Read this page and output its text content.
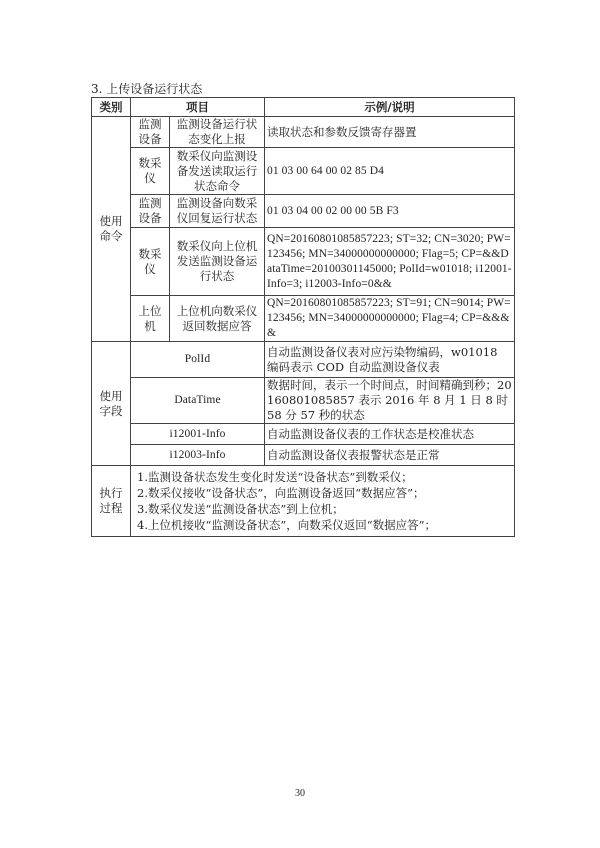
3. 上传设备运行状态
类别	项目		示例/说明
使用命令	监测设备	监测设备运行状态变化上报	读取状态和参数反馈寄存器置
	数采仪	数采仪向监测设备发送读取运行状态命令	01 03 00 64 00 02 85 D4
	监测设备	监测设备向数采仪回复运行状态	01 03 04 00 02 00 00 5B F3
	数采仪	数采仪向上位机发送监测设备运行状态	QN=20160801085857223; ST=32; CN=3020; PW=123456; MN=34000000000000; Flag=5; CP=&&DataTime=20100301145000; PolId=w01018; i12001-Info=3; i12003-Info=0&&
	上位机	上位机向数采仪返回数据应答	QN=20160801085857223; ST=91; CN=9014; PW=123456; MN=34000000000000; Flag=4; CP=&&&&
使用字段	PolId		自动监测设备仪表对应污染物编码，w01018 编码表示 COD 自动监测设备仪表
	DataTime		数据时间，表示一个时间点，时间精确到秒；20160801085857 表示 2016 年 8 月 1 日 8 时 58 分 57 秒的状态
	i12001-Info		自动监测设备仪表的工作状态是校准状态
	i12003-Info		自动监测设备仪表报警状态是正常
执行过程	1.监测设备状态发生变化时发送“设备状态”到数采仪；
2.数采仪接收“设备状态”，向监测设备返回“数据应答”；
3.数采仪发送“监测设备状态”到上位机；
4.上位机接收“监测设备状态”，向数采仪返回“数据应答”；		
30
